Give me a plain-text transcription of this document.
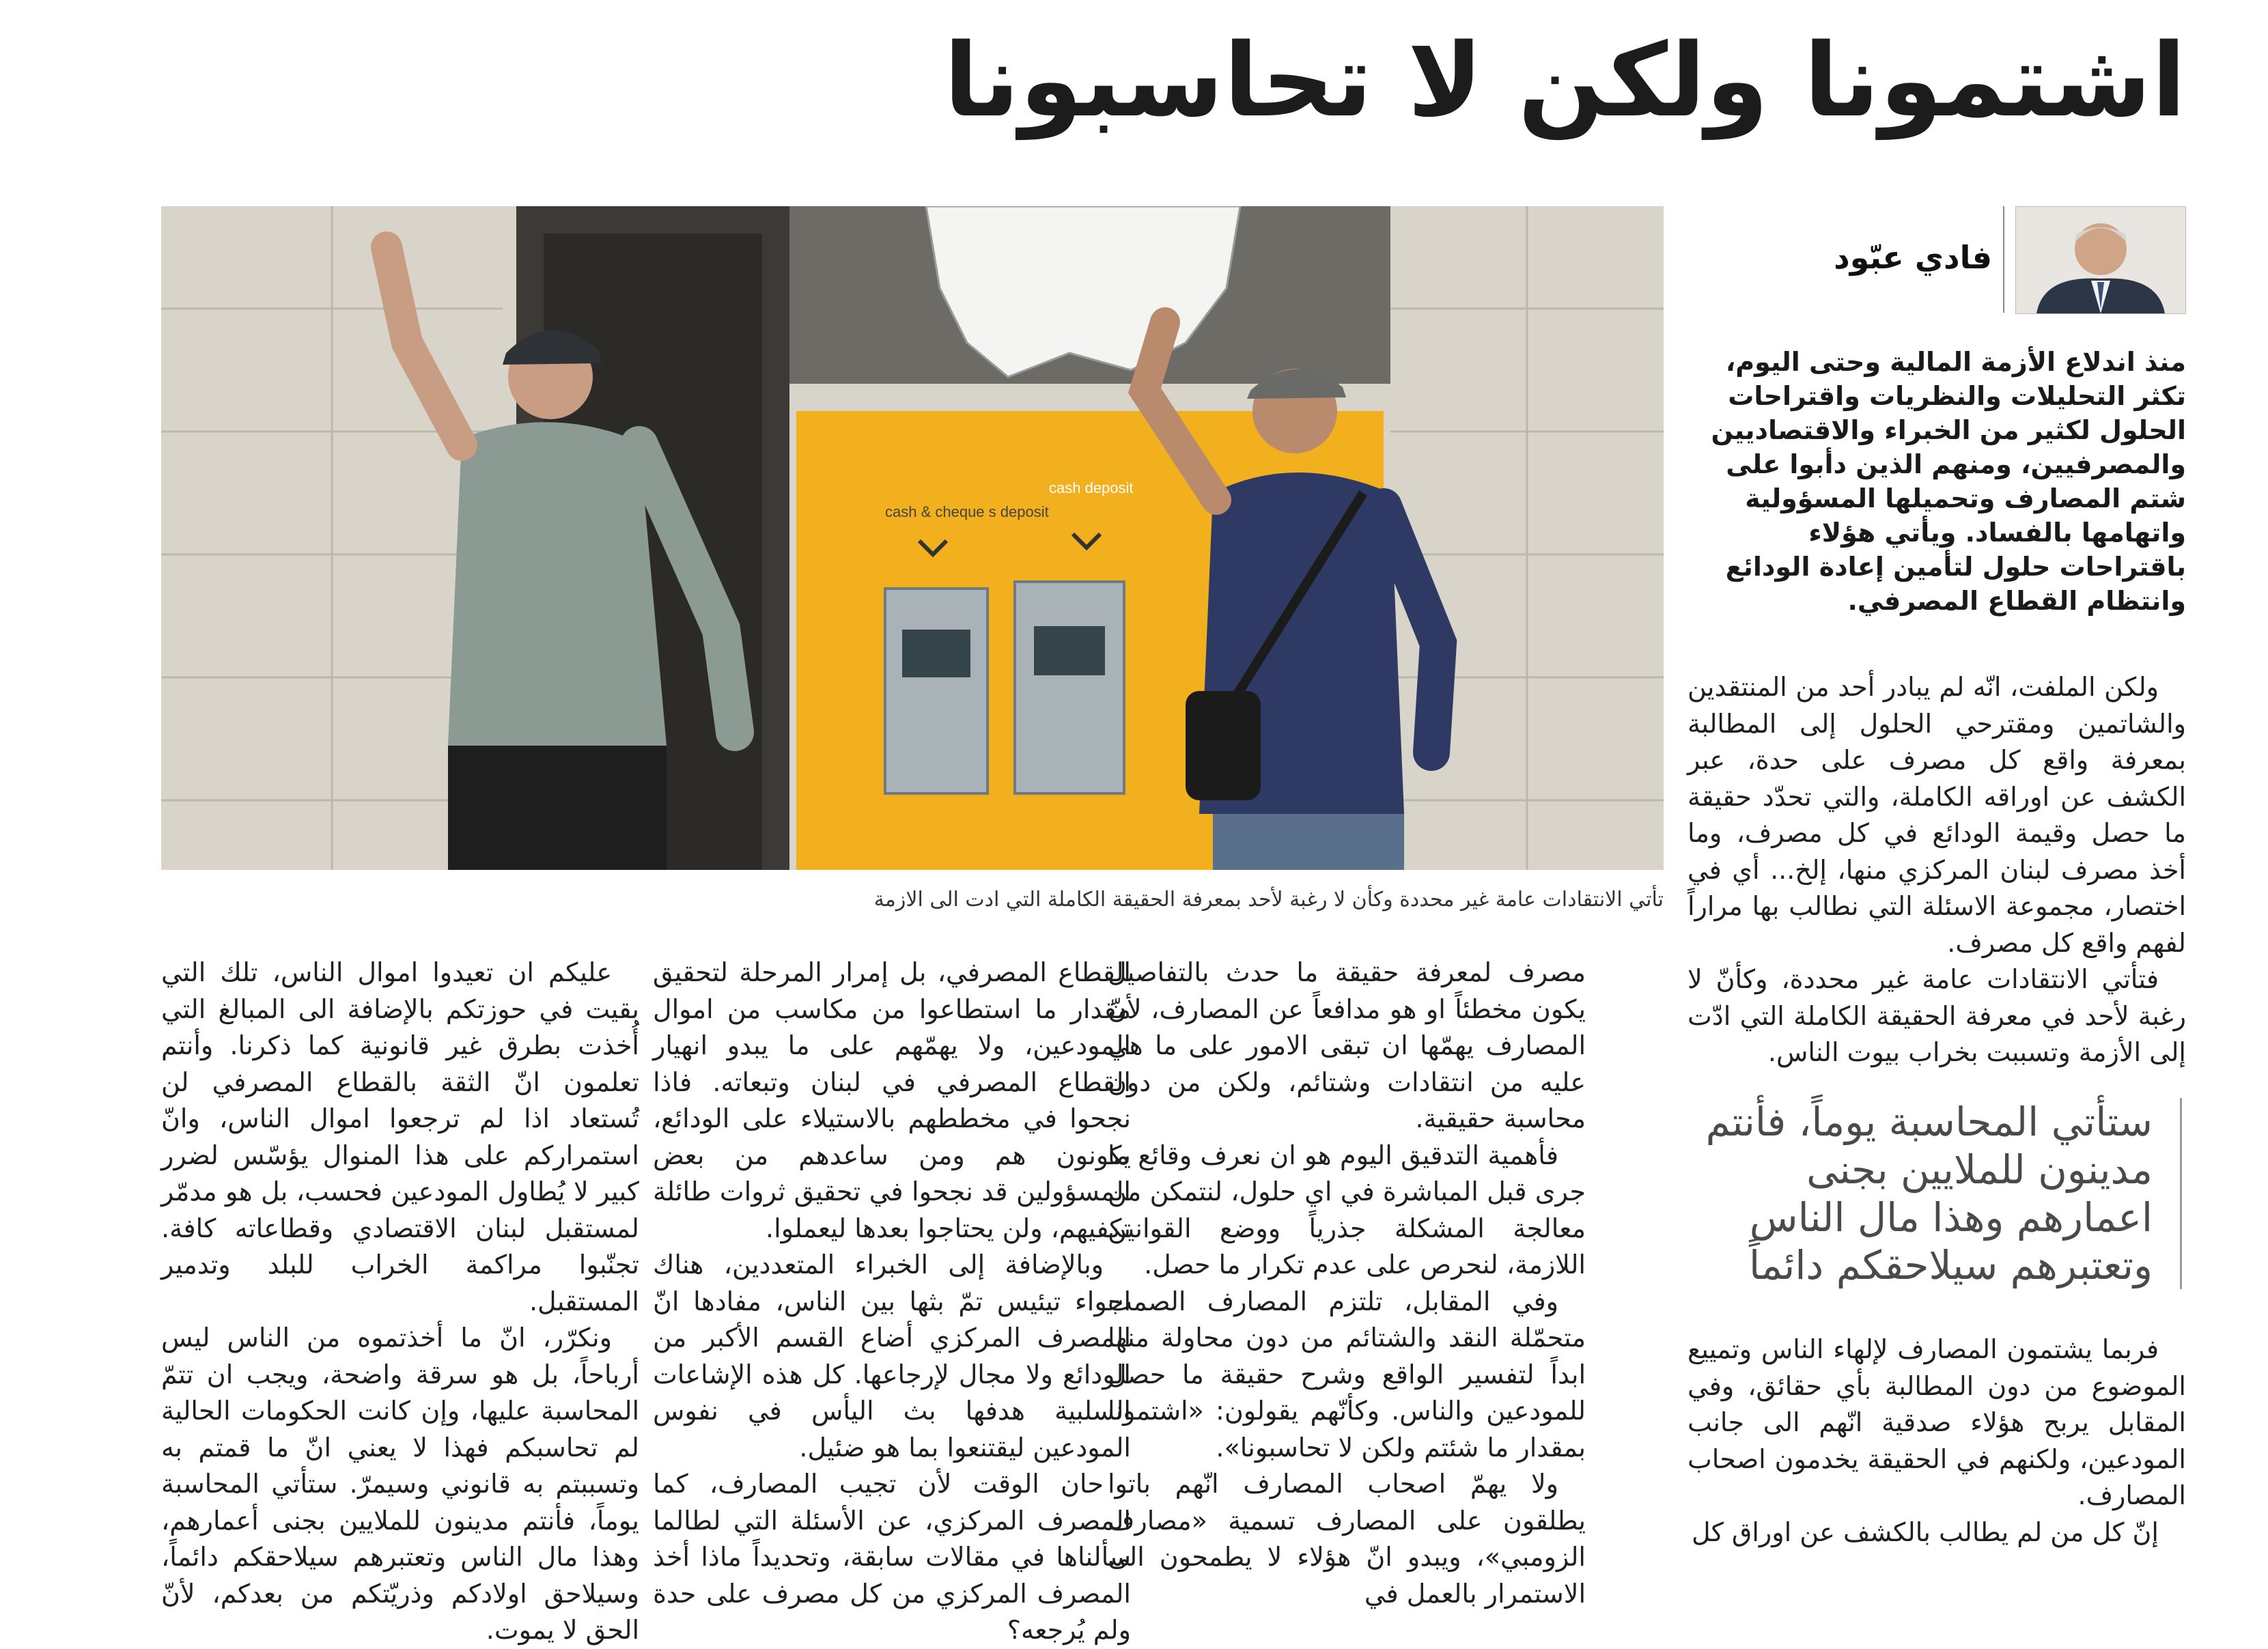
اشتمونا ولكن لا تحاسبونا
cash & cheque s deposit
cash deposit
تأتي الانتقادات عامة غير محددة وكأن لا رغبة لأحد بمعرفة الحقيقة الكاملة التي ادت الى الازمة
فادي عبّود

منذ اندلاع الأزمة المالية وحتى اليوم، تكثر التحليلات والنظريات واقتراحات الحلول لكثير من الخبراء والاقتصاديين والمصرفيين، ومنهم الذين دأبوا على شتم المصارف وتحميلها المسؤولية واتهامها بالفساد. ويأتي هؤلاء باقتراحات حلول لتأمين إعادة الودائع وانتظام القطاع المصرفي.

ولكن الملفت، انّه لم يبادر أحد من المنتقدين والشاتمين ومقترحي الحلول إلى المطالبة بمعرفة واقع كل مصرف على حدة، عبر الكشف عن اوراقه الكاملة، والتي تحدّد حقيقة ما حصل وقيمة الودائع في كل مصرف، وما أخذ مصرف لبنان المركزي منها، إلخ... أي في اختصار، مجموعة الاسئلة التي نطالب بها مراراً لفهم واقع كل مصرف.

فتأتي الانتقادات عامة غير محددة، وكأنّ لا رغبة لأحد في معرفة الحقيقة الكاملة التي ادّت إلى الأزمة وتسببت بخراب بيوت الناس.

ستأتي المحاسبة يوماً، فأنتم مدينون للملايين بجنى اعمارهم وهذا مال الناس وتعتبرهم سيلاحقكم دائماً

فربما يشتمون المصارف لإلهاء الناس وتمييع الموضوع من دون المطالبة بأي حقائق، وفي المقابل يربح هؤلاء صدقية انّهم الى جانب المودعين، ولكنهم في الحقيقة يخدمون اصحاب المصارف.

إنّ كل من لم يطالب بالكشف عن اوراق كل

مصرف لمعرفة حقيقة ما حدث بالتفاصيل يكون مخطئاً او هو مدافعاً عن المصارف، لأنّ المصارف يهمّها ان تبقى الامور على ما هي عليه من انتقادات وشتائم، ولكن من دون محاسبة حقيقية.

فأهمية التدقيق اليوم هو ان نعرف وقائع ما جرى قبل المباشرة في اي حلول، لنتمكن من معالجة المشكلة جذرياً ووضع القوانين اللازمة، لنحرص على عدم تكرار ما حصل.

وفي المقابل، تلتزم المصارف الصمت متحمّلة النقد والشتائم من دون محاولة منها ابداً لتفسير الواقع وشرح حقيقة ما حصل للمودعين والناس. وكأنّهم يقولون: «اشتمونا بمقدار ما شئتم ولكن لا تحاسبونا».

ولا يهمّ اصحاب المصارف انّهم باتوا يطلقون على المصارف تسمية «مصارف الزومبي»، ويبدو انّ هؤلاء لا يطمحون الى الاستمرار بالعمل في

القطاع المصرفي، بل إمرار المرحلة لتحقيق مقدار ما استطاعوا من مكاسب من اموال المودعين، ولا يهمّهم على ما يبدو انهيار القطاع المصرفي في لبنان وتبعاته. فاذا نجحوا في مخططهم بالاستيلاء على الودائع، يكونون هم ومن ساعدهم من بعض المسؤولين قد نجحوا في تحقيق ثروات طائلة تكفيهم، ولن يحتاجوا بعدها ليعملوا.

وبالإضافة إلى الخبراء المتعددين، هناك اجواء تيئيس تمّ بثها بين الناس، مفادها انّ المصرف المركزي أضاع القسم الأكبر من الودائع ولا مجال لإرجاعها. كل هذه الإشاعات السلبية هدفها بث اليأس في نفوس المودعين ليقتنعوا بما هو ضئيل.

حان الوقت لأن تجيب المصارف، كما المصرف المركزي، عن الأسئلة التي لطالما سألناها في مقالات سابقة، وتحديداً ماذا أخذ المصرف المركزي من كل مصرف على حدة ولم يُرجعه؟

عليكم ان تعيدوا اموال الناس، تلك التي بقيت في حوزتكم بالإضافة الى المبالغ التي أُخذت بطرق غير قانونية كما ذكرنا. وأنتم تعلمون انّ الثقة بالقطاع المصرفي لن تُستعاد اذا لم ترجعوا اموال الناس، وانّ استمراركم على هذا المنوال يؤسّس لضرر كبير لا يُطاول المودعين فحسب، بل هو مدمّر لمستقبل لبنان الاقتصادي وقطاعاته كافة. تجنّبوا مراكمة الخراب للبلد وتدمير المستقبل.

ونكرّر، انّ ما أخذتموه من الناس ليس أرباحاً، بل هو سرقة واضحة، ويجب ان تتمّ المحاسبة عليها، وإن كانت الحكومات الحالية لم تحاسبكم فهذا لا يعني انّ ما قمتم به وتسببتم به قانوني وسيمرّ. ستأتي المحاسبة يوماً، فأنتم مدينون للملايين بجنى أعمارهم، وهذا مال الناس وتعتبرهم سيلاحقكم دائماً، وسيلاحق اولادكم وذريّتكم من بعدكم، لأنّ الحق لا يموت.
